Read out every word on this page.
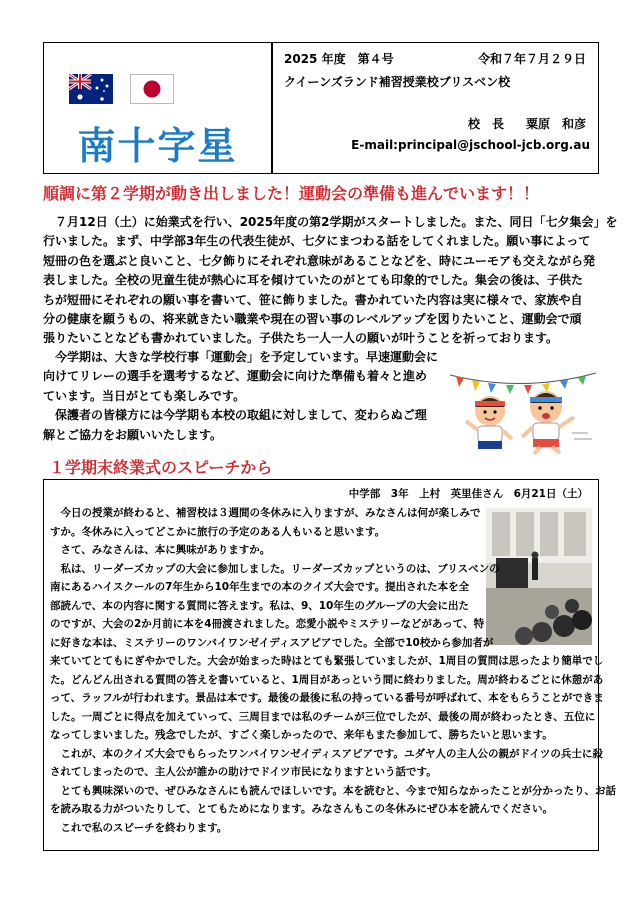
南十字星
2025 年度　第４号	令和７年７月２９日
クイーンズランド補習授業校ブリスベン校
校　長 粟原　和彦
E-mail:principal@jschool-jcb.org.au
順調に第２学期が動き出しました！運動会の準備も進んでいます！！
　７月12日（土）に始業式を行い、2025年度の第2学期がスタートしました。また、同日「七夕集会」を
行いました。まず、中学部3年生の代表生徒が、七夕にまつわる話をしてくれました。願い事によって
短冊の色を選ぶと良いこと、七夕飾りにそれぞれ意味があることなどを、時にユーモアも交えながら発
表しました。全校の児童生徒が熱心に耳を傾けていたのがとても印象的でした。集会の後は、子供た
ちが短冊にそれぞれの願い事を書いて、笹に飾りました。書かれていた内容は実に様々で、家族や自
分の健康を願うもの、将来就きたい職業や現在の習い事のレベルアップを図りたいこと、運動会で頑
張りたいことなども書かれていました。子供たち一人一人の願いが叶うことを祈っております。
　今学期は、大きな学校行事「運動会」を予定しています。早速運動会に
向けてリレーの選手を選考するなど、運動会に向けた準備も着々と進め
ています。当日がとても楽しみです。
　保護者の皆様方には今学期も本校の取組に対しまして、変わらぬご理
解とご協力をお願いいたします。
１学期末終業式のスピーチから
中学部　3年　上村　英里佳さん　6月21日（土）
　今日の授業が終わると、補習校は３週間の冬休みに入りますが、みなさんは何が楽しみで
すか。冬休みに入ってどこかに旅行の予定のある人もいると思います。
　さて、みなさんは、本に興味がありますか。
　私は、リーダーズカップの大会に参加しました。リーダーズカップというのは、ブリスベンの
南にあるハイスクールの7年生から10年生までの本のクイズ大会です。提出された本を全
部読んで、本の内容に関する質問に答えます。私は、9、10年生のグループの大会に出た
のですが、大会の2か月前に本を4冊渡されました。恋愛小説やミステリーなどがあって、特
に好きな本は、ミステリーのワンバイワンゼイディスアピアでした。全部で10校から参加者が
来ていてとてもにぎやかでした。大会が始まった時はとても緊張していましたが、1周目の質問は思ったより簡単でし
た。どんどん出される質問の答えを書いていると、1周目があっという間に終わりました。周が終わるごとに休憩があ
って、ラッフルが行われます。景品は本です。最後の最後に私の持っている番号が呼ばれて、本をもらうことができま
した。一周ごとに得点を加えていって、三周目までは私のチームが三位でしたが、最後の周が終わったとき、五位に
なってしまいました。残念でしたが、すごく楽しかったので、来年もまた参加して、勝ちたいと思います。
　これが、本のクイズ大会でもらったワンバイワンゼイディスアピアです。ユダヤ人の主人公の親がドイツの兵士に殺
されてしまったので、主人公が誰かの助けでドイツ市民になりますという話です。
　とても興味深いので、ぜひみなさんにも読んでほしいです。本を読むと、今まで知らなかったことが分かったり、お話
を読み取る力がついたりして、とてもためになります。みなさんもこの冬休みにぜひ本を読んでください。
　これで私のスピーチを終わります。
